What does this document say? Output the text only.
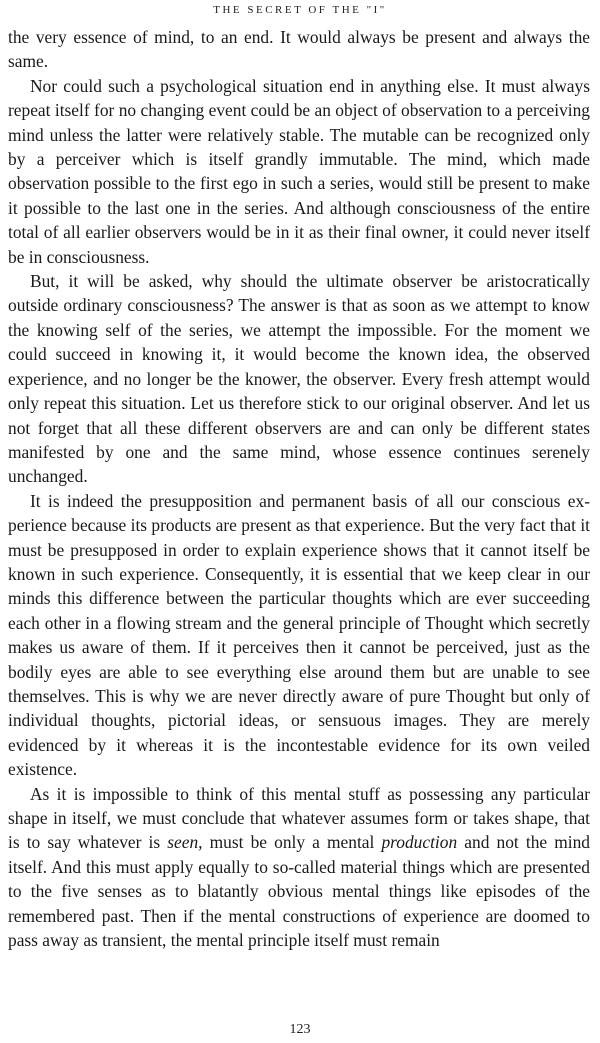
THE SECRET OF THE "I"

the very essence of mind, to an end. It would always be present and always the same.

Nor could such a psychological situation end in anything else. It must always repeat itself for no changing event could be an object of observation to a perceiving mind unless the latter were relatively stable. The mutable can be recognized only by a perceiver which is itself grandly immutable. The mind, which made observation possible to the first ego in such a series, would still be present to make it possible to the last one in the series. And although consciousness of the entire total of all earlier observers would be in it as their final owner, it could never itself be in consciousness.

But, it will be asked, why should the ultimate observer be aristocratically outside ordinary consciousness? The answer is that as soon as we attempt to know the knowing self of the series, we attempt the impossible. For the moment we could succeed in knowing it, it would become the known idea, the observed experience, and no longer be the knower, the observer. Every fresh attempt would only repeat this situation. Let us therefore stick to our original observer. And let us not forget that all these different observers are and can only be different states manifested by one and the same mind, whose essence continues serenely unchanged.

It is indeed the presupposition and permanent basis of all our conscious experience because its products are present as that experience. But the very fact that it must be presupposed in order to explain experience shows that it cannot itself be known in such experience. Consequently, it is essential that we keep clear in our minds this difference between the particular thoughts which are ever succeeding each other in a flowing stream and the general principle of Thought which secretly makes us aware of them. If it perceives then it cannot be perceived, just as the bodily eyes are able to see everything else around them but are unable to see themselves. This is why we are never directly aware of pure Thought but only of individual thoughts, pictorial ideas, or sensuous images. They are merely evidenced by it whereas it is the incontestable evidence for its own veiled existence.

As it is impossible to think of this mental stuff as possessing any particular shape in itself, we must conclude that whatever assumes form or takes shape, that is to say whatever is seen, must be only a mental production and not the mind itself. And this must apply equally to so-called material things which are presented to the five senses as to blatantly obvious mental things like episodes of the remembered past. Then if the mental constructions of experience are doomed to pass away as transient, the mental principle itself must remain

123
